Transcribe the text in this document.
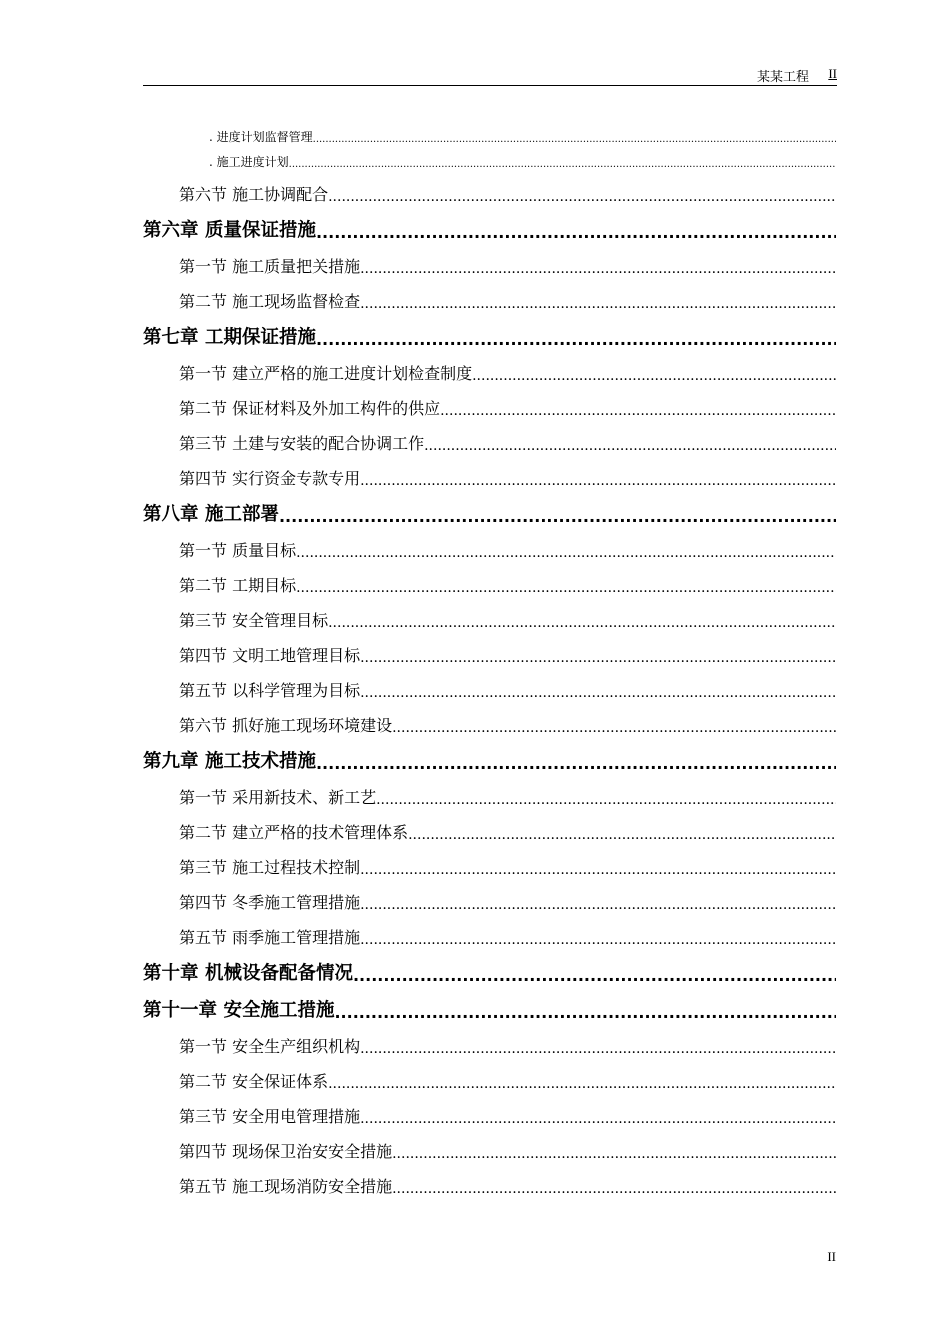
某某工程 II
. 进度计划监督管理
.....
. 施工进度计划
.....
第六节 施工协调配合
.....
第六章 质量保证措施
.....
第一节 施工质量把关措施
.....
第二节 施工现场监督检查
.....
第七章 工期保证措施
.....
第一节 建立严格的施工进度计划检查制度
.....
第二节 保证材料及外加工构件的供应
.....
第三节 土建与安装的配合协调工作
.....
第四节 实行资金专款专用
.....
第八章 施工部署
.....
第一节 质量目标
.....
第二节 工期目标
.....
第三节 安全管理目标
.....
第四节 文明工地管理目标
.....
第五节 以科学管理为目标
.....
第六节 抓好施工现场环境建设
.....
第九章 施工技术措施
.....
第一节 采用新技术、新工艺
.....
第二节 建立严格的技术管理体系
.....
第三节 施工过程技术控制
.....
第四节 冬季施工管理措施
.....
第五节 雨季施工管理措施
.....
第十章 机械设备配备情况
.....
第十一章 安全施工措施
.....
第一节 安全生产组织机构
.....
第二节 安全保证体系
.....
第三节 安全用电管理措施
.....
第四节 现场保卫治安安全措施
.....
第五节 施工现场消防安全措施
.....
II
